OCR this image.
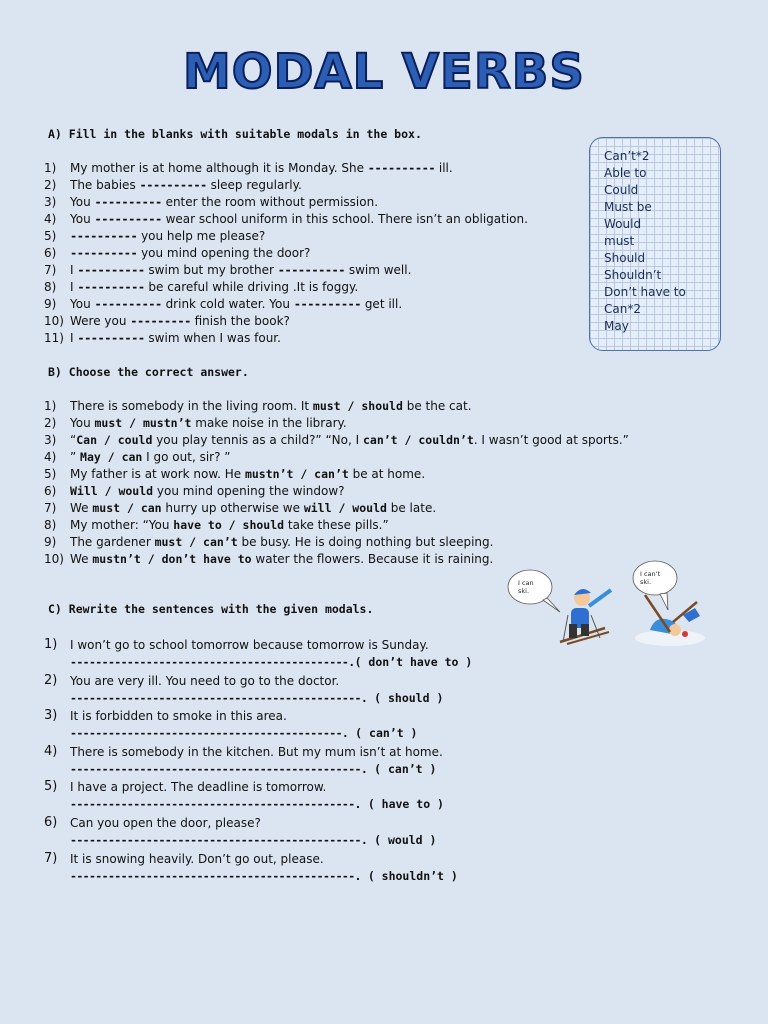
MODAL VERBS
A) Fill in the blanks with suitable modals in the box.
1) My mother is at home although it is Monday. She ---------- ill.
2) The babies ---------- sleep regularly.
3) You ---------- enter the room without permission.
4) You ---------- wear school uniform in this school. There isn’t an obligation.
5) ---------- you help me please?
6) ---------- you mind opening the door?
7) I ---------- swim but my brother ---------- swim well.
8) I ---------- be careful while driving .It is foggy.
9) You ---------- drink cold water. You ---------- get ill.
10) Were you --------- finish the book?
11) I ---------- swim when I was four.
Can’t*2
Able to
Could
Must be
Would
must
Should
Shouldn’t
Don’t have to
Can*2
May
B) Choose the correct answer.
1) There is somebody in the living room. It must / should be the cat.
2) You must / mustn’t make noise in the library.
3) “Can / could you play tennis as a child?” “No, I can’t / couldn’t. I wasn’t good at sports.”
4) ” May / can I go out, sir? ”
5) My father is at work now. He mustn’t / can’t be at home.
6) Will / would you mind opening the window?
7) We must / can hurry up otherwise we will / would be late.
8) My mother: “You have to / should take these pills.”
9) The gardener must / can’t be busy. He is doing nothing but sleeping.
10) We mustn’t / don’t have to water the flowers. Because it is raining.
I can
ski.
I can’t
ski.
C) Rewrite the sentences with the given modals.
1) I won’t go to school tomorrow because tomorrow is Sunday.
--------------------------------------------.( don’t have to )
2) You are very ill. You need to go to the doctor.
----------------------------------------------. ( should )
3) It is forbidden to smoke in this area.
-------------------------------------------. ( can’t )
4) There is somebody in the kitchen. But my mum isn’t at home.
----------------------------------------------. ( can’t )
5) I have a project. The deadline is tomorrow.
---------------------------------------------. ( have to )
6) Can you open the door, please?
----------------------------------------------. ( would )
7) It is snowing heavily. Don’t go out, please.
---------------------------------------------. ( shouldn’t )
